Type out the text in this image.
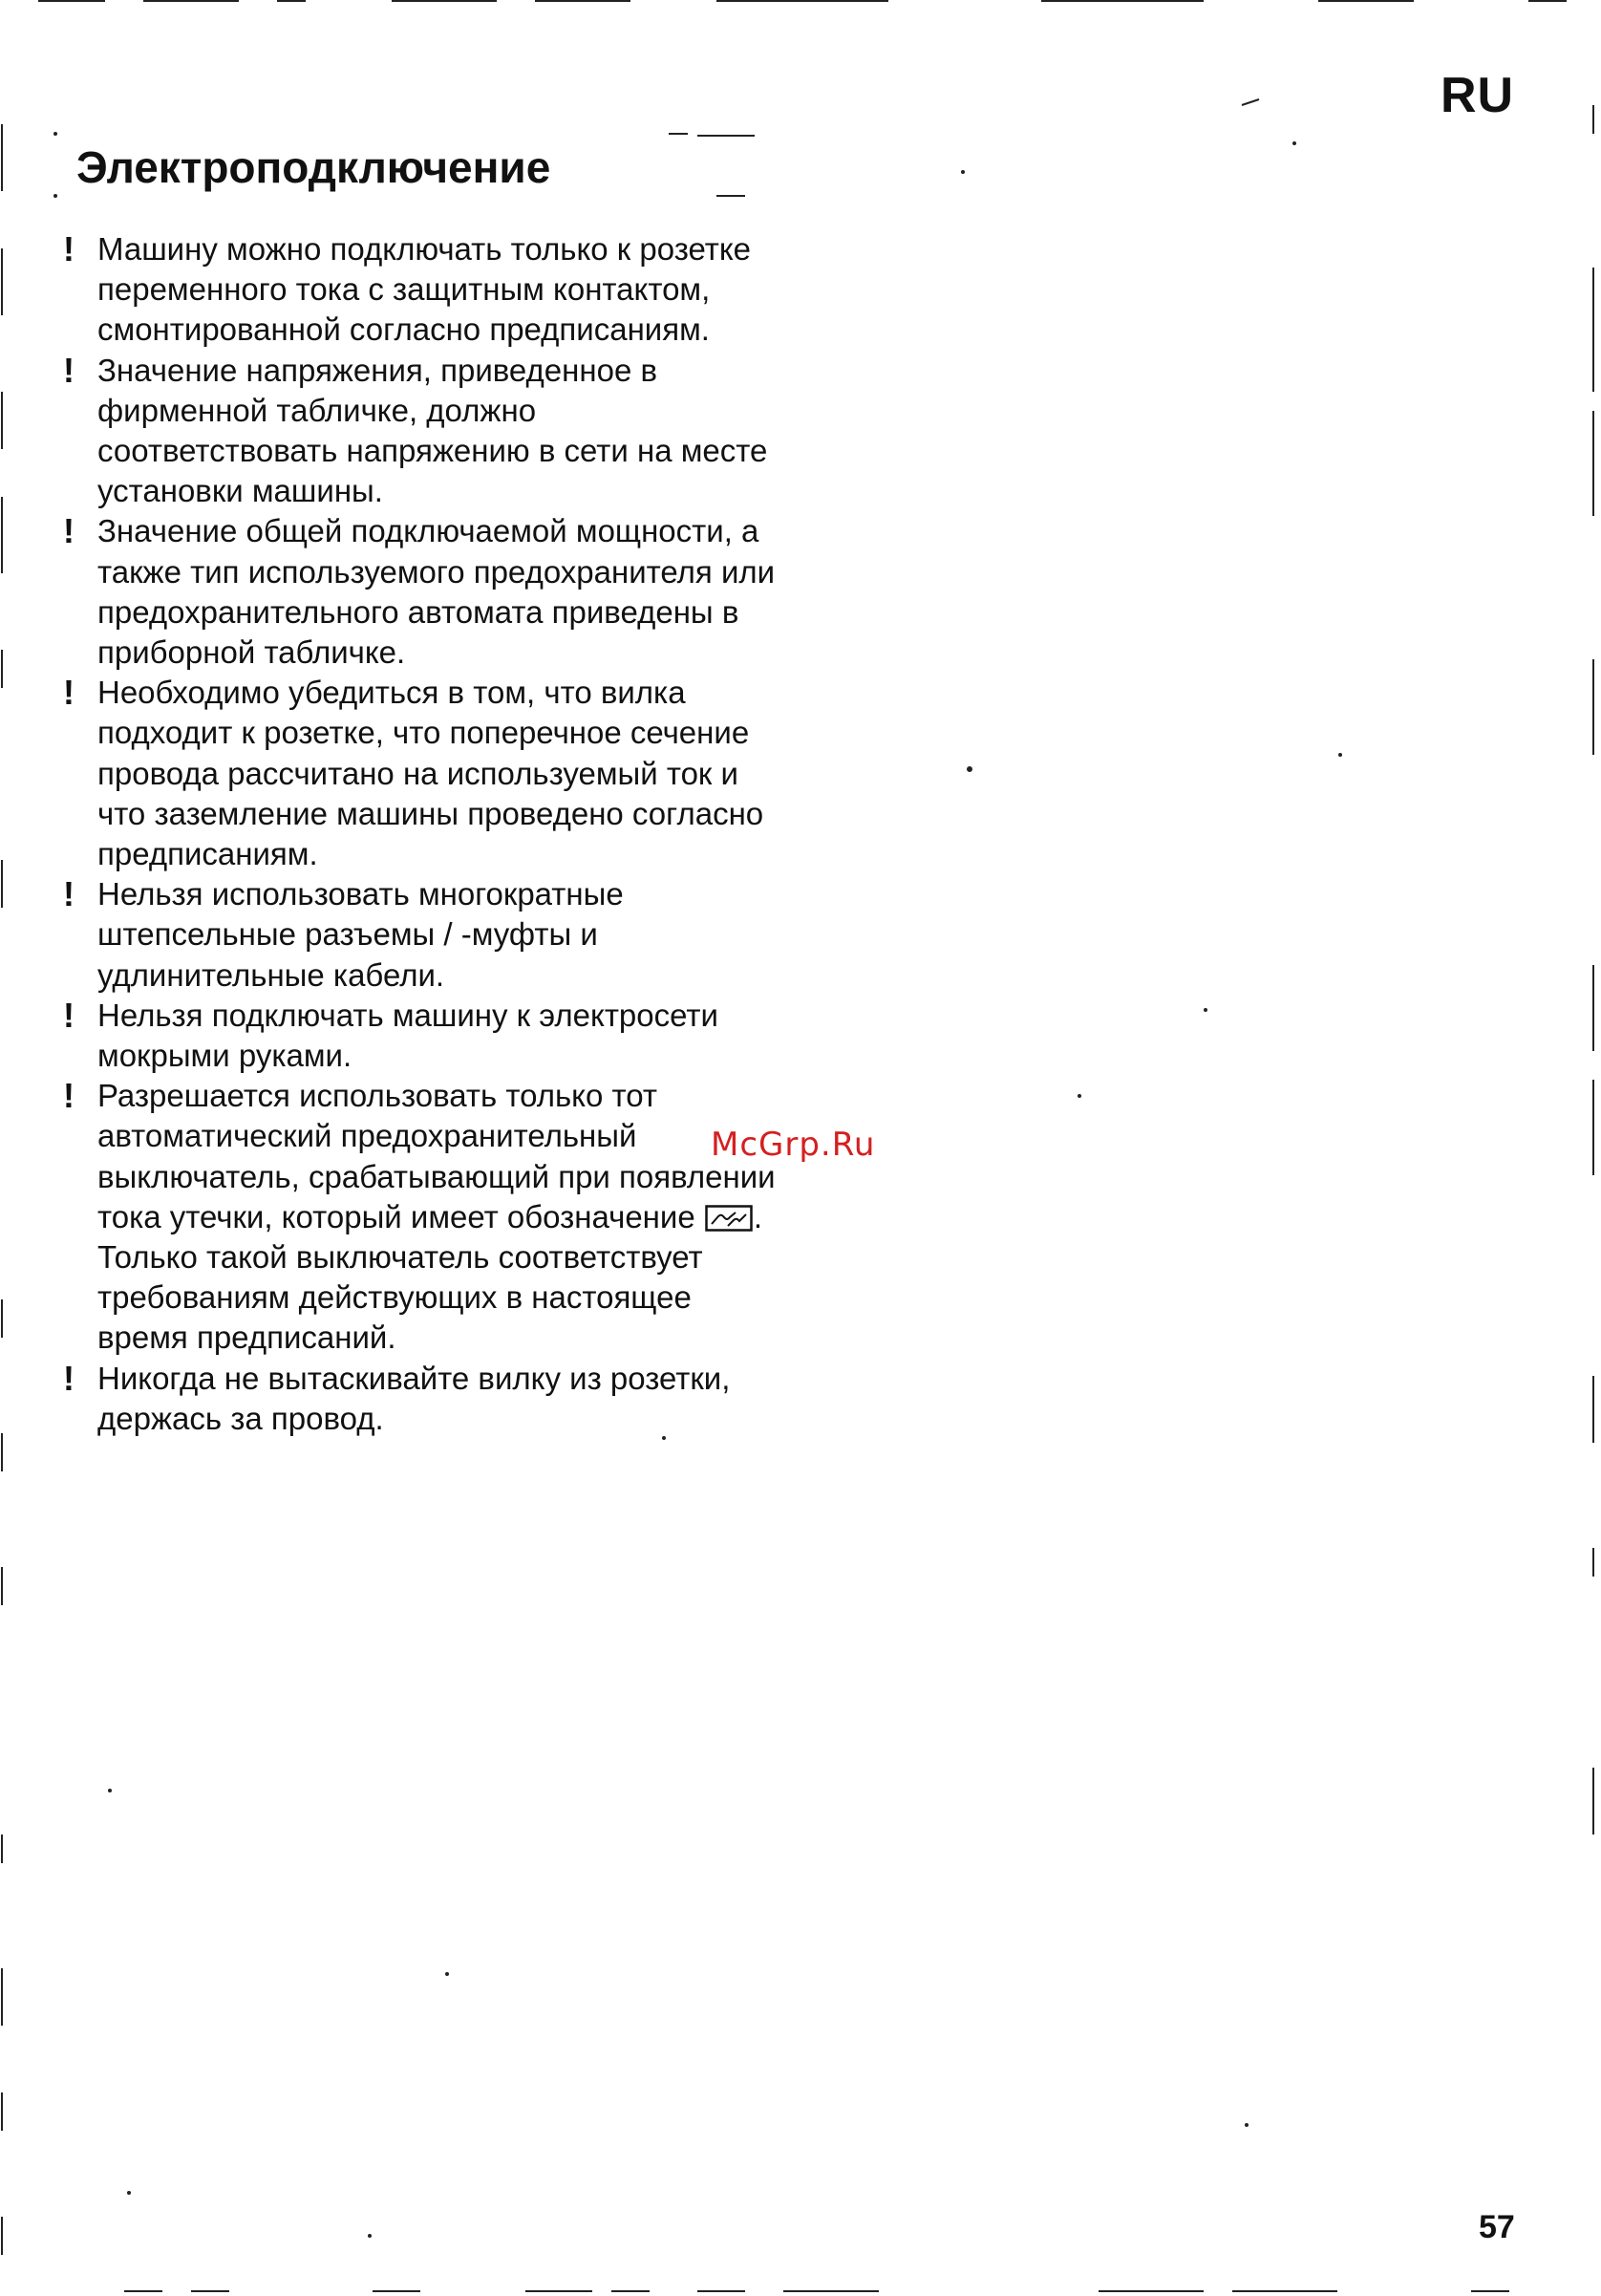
RU
Электроподключение
! Машину можно подключать только к розетке переменного тока с защитным контактом, смонтированной согласно предписаниям.
! Значение напряжения, приведенное в фирменной табличке, должно соответствовать напряжению в сети на месте установки машины.
! Значение общей подключаемой мощности, а также тип используемого предохранителя или предохранительного автомата приведены в приборной табличке.
! Необходимо убедиться в том, что вилка подходит к розетке, что поперечное сечение провода рассчитано на используемый ток и что заземление машины проведено согласно предписаниям.
! Нельзя использовать многократные штепсельные разъемы / -муфты и удлинительные кабели.
! Нельзя подключать машину к электросети мокрыми руками.
! Разрешается использовать только тот автоматический предохранительный выключатель, срабатывающий при появлении тока утечки, который имеет обозначение . Только такой выключатель соответствует требованиям действующих в настоящее время предписаний.
! Никогда не вытаскивайте вилку из розетки, держась за провод.
McGrp.Ru
57
